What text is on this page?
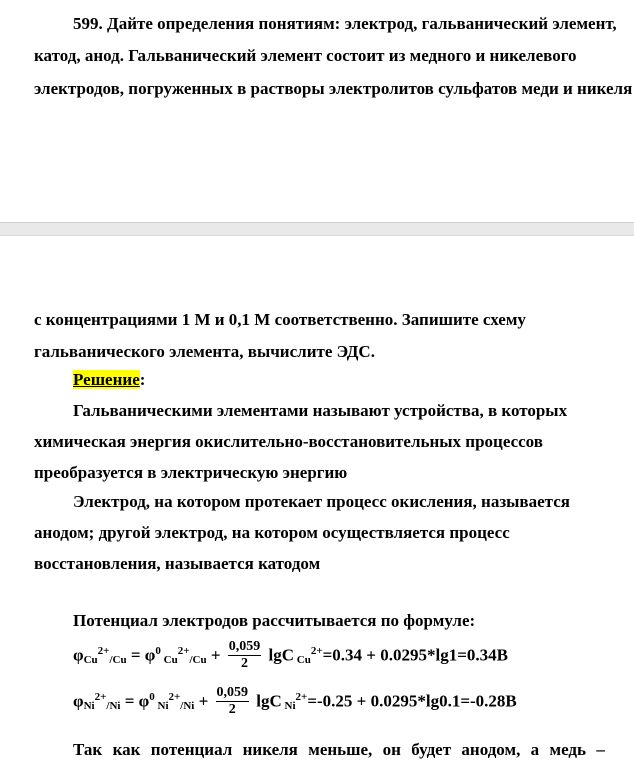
599. Дайте определения понятиям: электрод, гальванический элемент,
катод, анод. Гальванический элемент состоит из медного и никелевого
электродов, погруженных в растворы электролитов сульфатов меди и никеля
с концентрациями 1 М и 0,1 М соответственно. Запишите схему
гальванического элемента, вычислите ЭДС.
Решение:
Гальваническими элементами называют устройства, в которых
химическая энергия окислительно-восстановительных процессов
преобразуется в электрическую энергию
Электрод, на котором протекает процесс окисления, называется
анодом; другой электрод, на котором осуществляется процесс
восстановления, называется катодом
Потенциал электродов рассчитывается по формуле:
$\varphi_{Cu}^{2+}_{/Cu} = \varphi^0$ $_{Cu}^{2+}_{/Cu} + \frac{0,059}{2}$ lgC $_{Cu}^{2+}$=0.34 + 0.0295*lg1=0.34В
$\varphi_{Ni}^{2+}_{/Ni} = \varphi^0$ $_{Ni}^{2+}_{/Ni} + \frac{0,059}{2}$ lgC $_{Ni}^{2+}$=-0.25 + 0.0295*lg0.1=-0.28В
Так как потенциал никеля меньше, он будет анодом, а медь –
